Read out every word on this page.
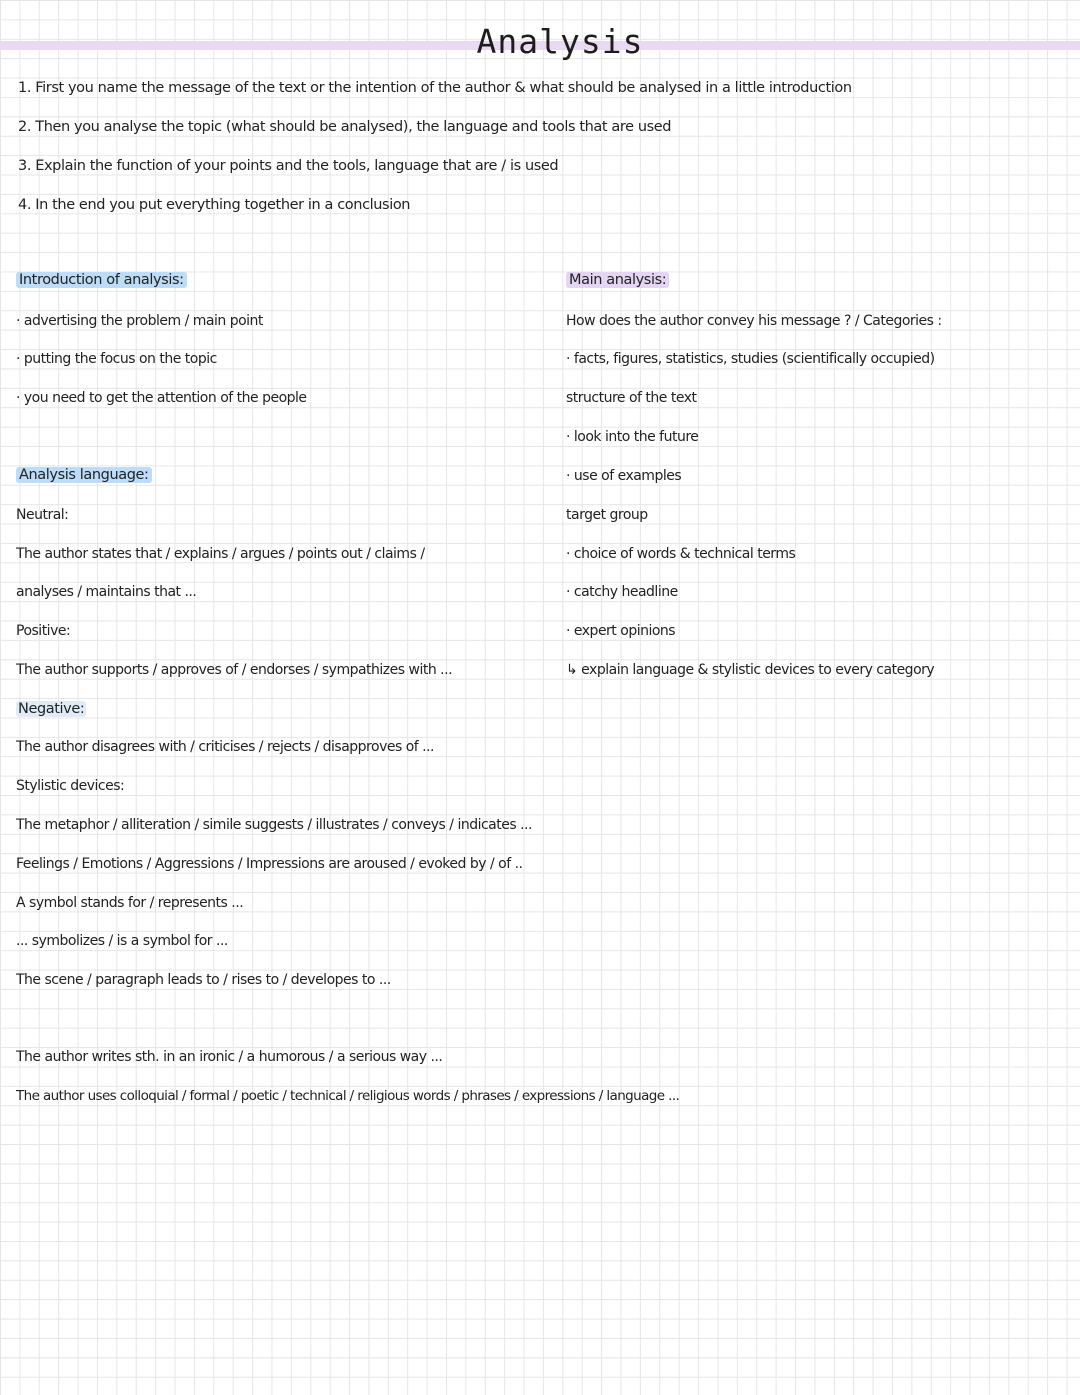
Analysis
1. First you name the message of the text or the intention of the author & what should be analysed in a little introduction
2. Then you analyse the topic (what should be analysed), the language and tools that are used
3. Explain the function of your points and the tools, language that are / is used
4. In the end you put everything together in a conclusion
Introduction of analysis:
· advertising the problem / main point
· putting the focus on the topic
· you need to get the attention of the people
Analysis language:
Neutral:
The author states that / explains / argues / points out / claims /
analyses / maintains that ...
Positive:
The author supports / approves of / endorses / sympathizes with ...
Negative:
The author disagrees with / criticises / rejects / disapproves of ...
Stylistic devices:
The metaphor / alliteration / simile suggests / illustrates / conveys / indicates ...
Feelings / Emotions / Aggressions / Impressions are aroused / evoked by / of ..
A symbol stands for / represents ...
... symbolizes / is a symbol for ...
The scene / paragraph leads to / rises to / developes to ...
Main analysis:
How does the author convey his message ? / Categories :
· facts, figures, statistics, studies (scientifically occupied)
structure of the text
· look into the future
· use of examples
target group
· choice of words & technical terms
· catchy headline
· expert opinions
↳ explain language & stylistic devices to every category
The author writes sth. in an ironic / a humorous / a serious way ...
The author uses colloquial / formal / poetic / technical / religious words / phrases / expressions / language ...
